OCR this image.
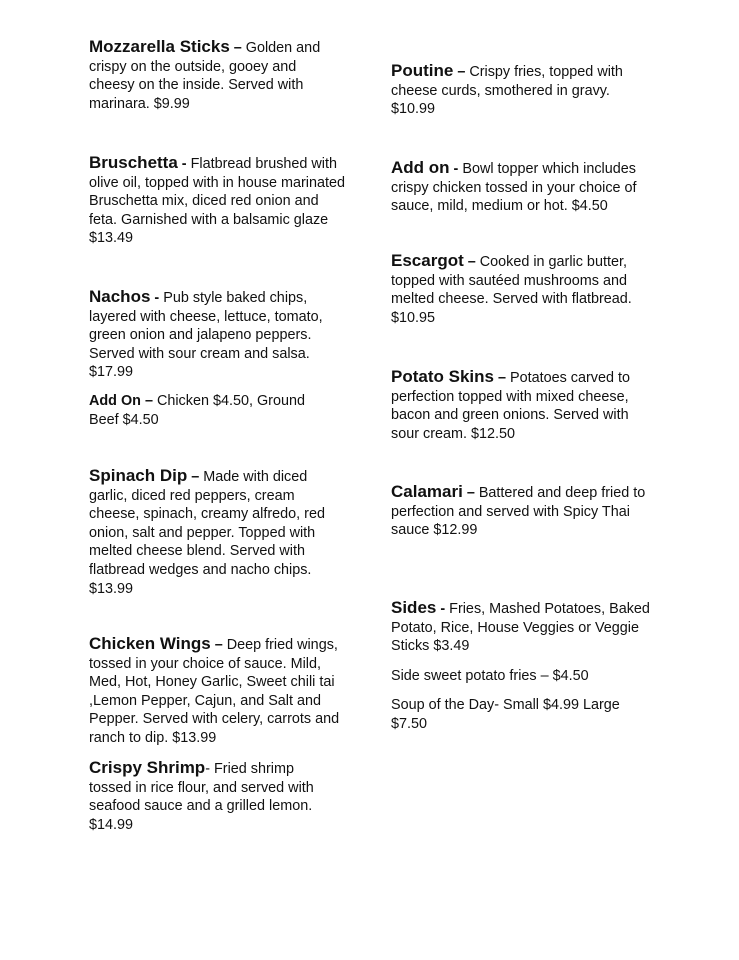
Mozzarella Sticks – Golden and crispy on the outside, gooey and cheesy on the inside. Served with marinara. $9.99

Bruschetta - Flatbread brushed with olive oil, topped with in house marinated Bruschetta mix, diced red onion and feta. Garnished with a balsamic glaze $13.49

Nachos - Pub style baked chips, layered with cheese, lettuce, tomato, green onion and jalapeno peppers. Served with sour cream and salsa. $17.99

Add On – Chicken $4.50, Ground Beef $4.50

Spinach Dip – Made with diced garlic, diced red peppers, cream cheese, spinach, creamy alfredo, red onion, salt and pepper. Topped with melted cheese blend. Served with flatbread wedges and nacho chips. $13.99

Chicken Wings – Deep fried wings, tossed in your choice of sauce. Mild, Med, Hot, Honey Garlic, Sweet chili tai ,Lemon Pepper, Cajun, and Salt and Pepper. Served with celery, carrots and ranch to dip. $13.99

Crispy Shrimp- Fried shrimp tossed in rice flour, and served with seafood sauce and a grilled lemon. $14.99

Poutine – Crispy fries, topped with cheese curds, smothered in gravy. $10.99

Add on - Bowl topper which includes crispy chicken tossed in your choice of sauce, mild, medium or hot. $4.50

Escargot – Cooked in garlic butter, topped with sautéed mushrooms and melted cheese. Served with flatbread. $10.95

Potato Skins – Potatoes carved to perfection topped with mixed cheese, bacon and green onions. Served with sour cream. $12.50

Calamari – Battered and deep fried to perfection and served with Spicy Thai sauce $12.99

Sides - Fries, Mashed Potatoes, Baked Potato, Rice, House Veggies or Veggie Sticks $3.49

Side sweet potato fries – $4.50
Soup of the Day- Small $4.99 Large $7.50
